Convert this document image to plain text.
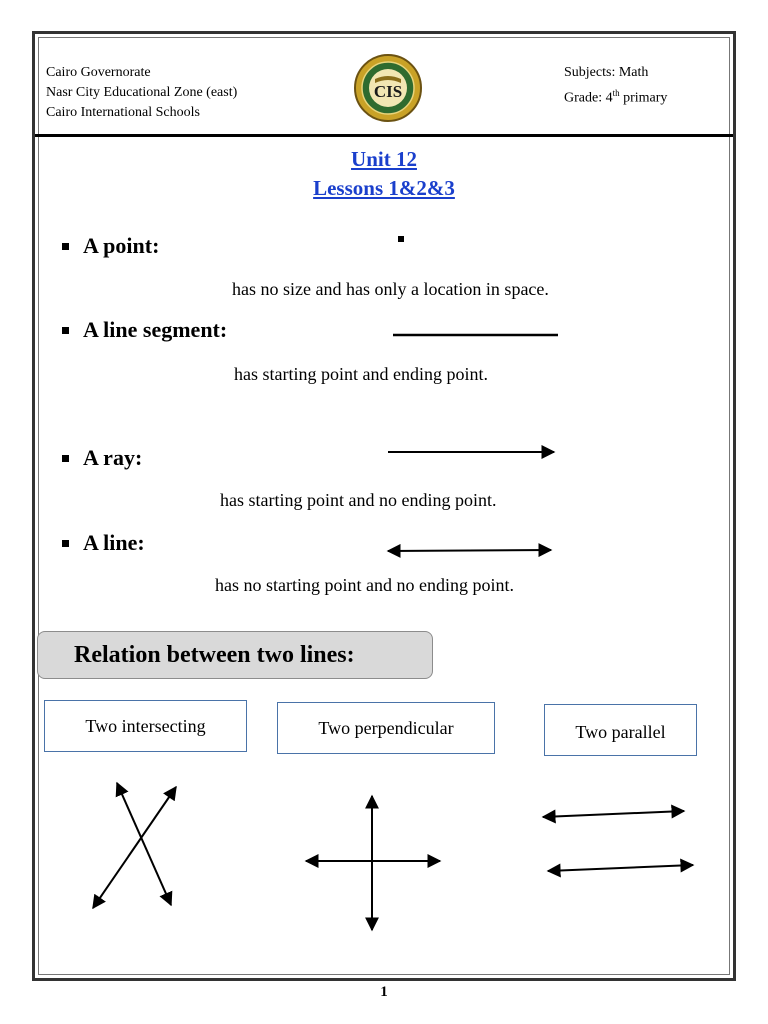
Cairo Governorate
Nasr City Educational Zone (east)
Cairo International Schools
CIS
Subjects: Math
Grade: 4th primary
Unit 12
Lessons 1&2&3
A point:
has no size and has only a location in space.
A line segment:
has starting point and ending point.
A ray:
has starting point and no ending point.
A line:
has no starting point and no ending point.
Relation between two lines:
Two intersecting	Two perpendicular	Two parallel
1
